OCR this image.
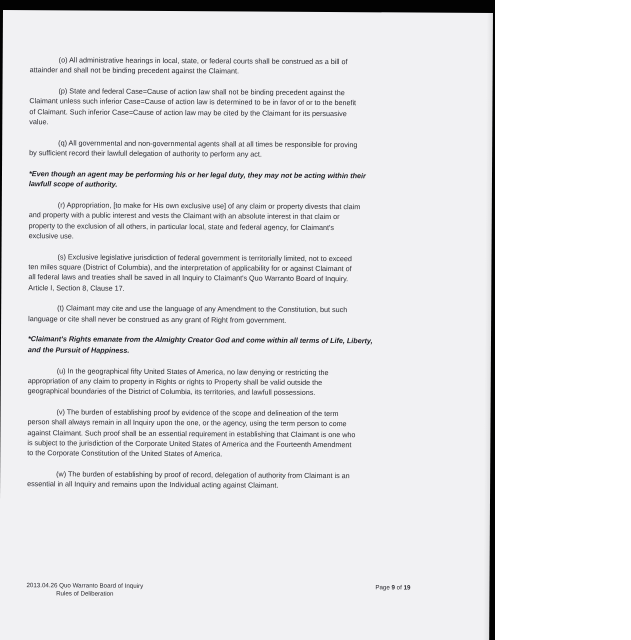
(o) All administrative hearings in local, state, or federal courts shall be construed as a bill of
attainder and shall not be binding precedent against the Claimant.

(p) State and federal Case=Cause of action law shall not be binding precedent against the
Claimant unless such inferior Case=Cause of action law is determined to be in favor of or to the benefit
of Claimant. Such inferior Case=Cause of action law may be cited by the Claimant for its persuasive
value.

(q) All governmental and non-governmental agents shall at all times be responsible for proving
by sufficient record their lawfull delegation of authority to perform any act.

*Even though an agent may be performing his or her legal duty, they may not be acting within their
lawfull scope of authority.

(r) Appropriation, [to make for His own exclusive use] of any claim or property divests that claim
and property with a public interest and vests the Claimant with an absolute interest in that claim or
property to the exclusion of all others, in particular local, state and federal agency, for Claimant's
exclusive use.

(s) Exclusive legislative jurisdiction of federal government is territorially limited, not to exceed
ten miles square (District of Columbia), and the interpretation of applicability for or against Claimant of
all federal laws and treaties shall be saved in all Inquiry to Claimant's Quo Warranto Board of Inquiry.
Article I, Section 8, Clause 17.

(t) Claimant may cite and use the language of any Amendment to the Constitution, but such
language or cite shall never be construed as any grant of Right from government.

*Claimant's Rights emanate from the Almighty Creator God and come within all terms of Life, Liberty,
and the Pursuit of Happiness.

(u) In the geographical fifty United States of America, no law denying or restricting the
appropriation of any claim to property in Rights or rights to Property shall be valid outside the
geographical boundaries of the District of Columbia, its territories, and lawfull possessions.

(v) The burden of establishing proof by evidence of the scope and delineation of the term
person shall always remain in all Inquiry upon the one, or the agency, using the term person to come
against Claimant. Such proof shall be an essential requirement in establishing that Claimant is one who
is subject to the jurisdiction of the Corporate United States of America and the Fourteenth Amendment
to the Corporate Constitution of the United States of America.

(w) The burden of establishing by proof of record, delegation of authority from Claimant is an
essential in all Inquiry and remains upon the Individual acting against Claimant.

2013.04.26 Quo Warranto Board of Inquiry
Rules of Deliberation
Page 9 of 19
